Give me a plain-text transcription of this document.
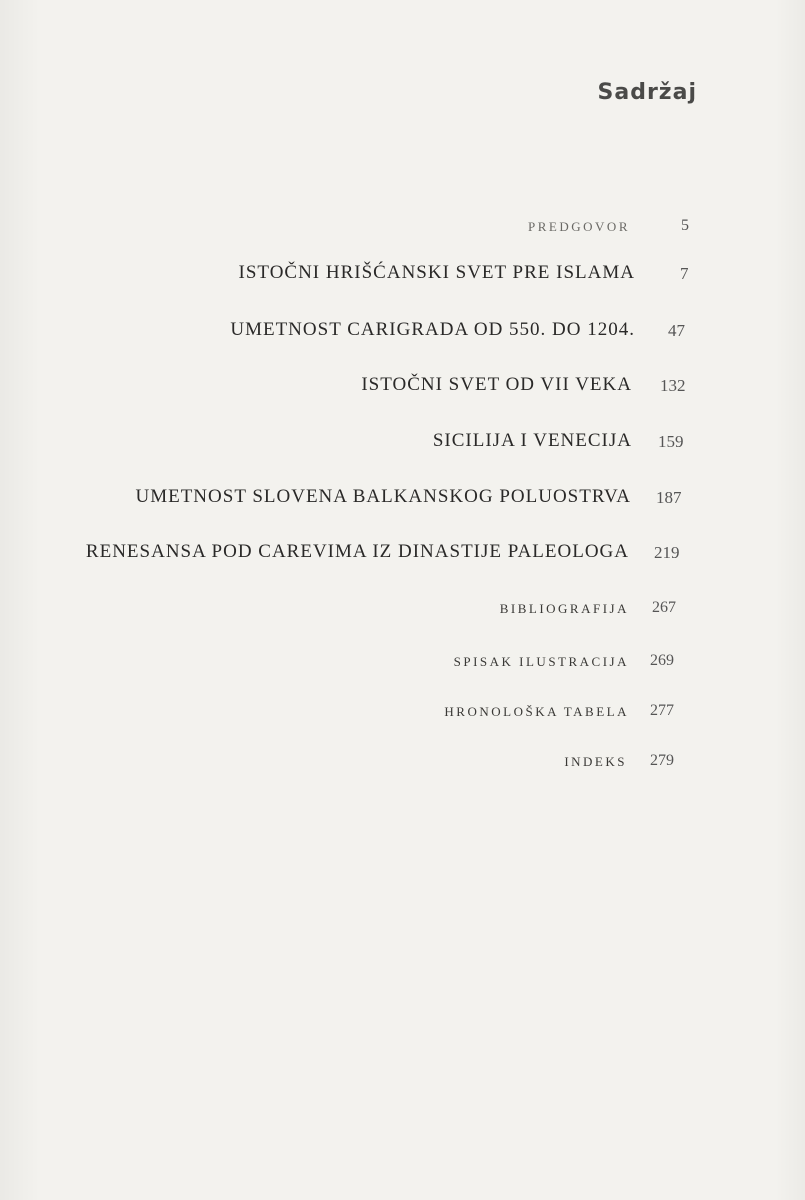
Sadržaj
PREDGOVOR	5
ISTOČNI HRIŠĆANSKI SVET PRE ISLAMA	7
UMETNOST CARIGRADA OD 550. DO 1204. 47
ISTOČNI SVET OD VII VEKA 132
SICILIJA I VENECIJA 159
UMETNOST SLOVENA BALKANSKOG POLUOSTRVA 187
RENESANSA POD CAREVIMA IZ DINASTIJE PALEOLOGA 219
BIBLIOGRAFIJA 267
SPISAK ILUSTRACIJA 269
HRONOLOŠKA TABELA 277
INDEKS 279
